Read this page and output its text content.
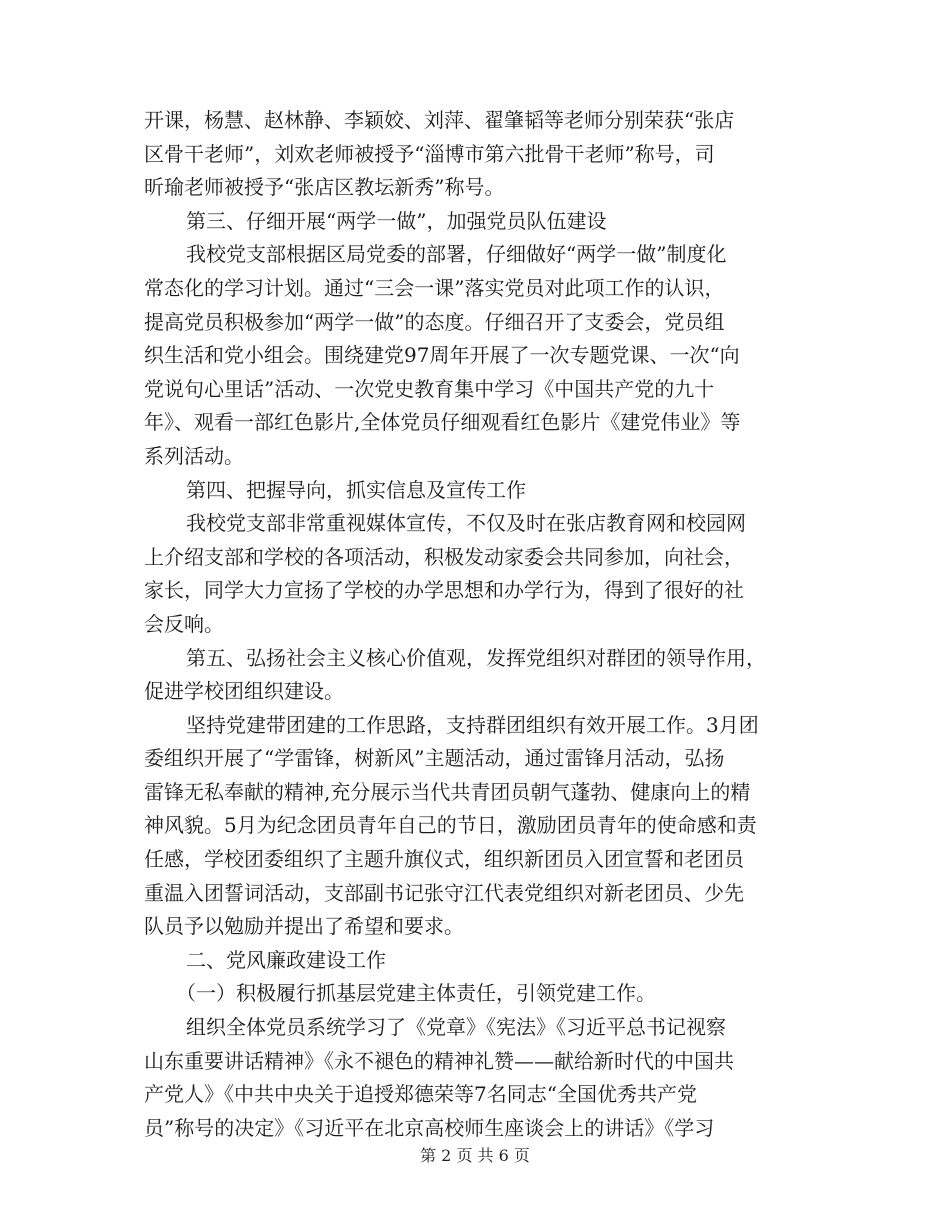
开课，杨慧、赵林静、李颖姣、刘萍、翟肇韬等老师分别荣获“张店
区骨干老师”，刘欢老师被授予“淄博市第六批骨干老师”称号，司
昕瑜老师被授予“张店区教坛新秀”称号。
第三、仔细开展“两学一做”，加强党员队伍建设
我校党支部根据区局党委的部署，仔细做好“两学一做”制度化
常态化的学习计划。通过“三会一课”落实党员对此项工作的认识，
提高党员积极参加“两学一做”的态度。仔细召开了支委会，党员组
织生活和党小组会。围绕建党97周年开展了一次专题党课、一次“向
党说句心里话”活动、一次党史教育集中学习《中国共产党的九十
年》、观看一部红色影片,全体党员仔细观看红色影片《建党伟业》等
系列活动。
第四、把握导向，抓实信息及宣传工作
我校党支部非常重视媒体宣传，不仅及时在张店教育网和校园网
上介绍支部和学校的各项活动，积极发动家委会共同参加，向社会，
家长，同学大力宣扬了学校的办学思想和办学行为，得到了很好的社
会反响。
第五、弘扬社会主义核心价值观，发挥党组织对群团的领导作用，
促进学校团组织建设。
坚持党建带团建的工作思路，支持群团组织有效开展工作。3月团
委组织开展了“学雷锋，树新风”主题活动，通过雷锋月活动，弘扬
雷锋无私奉献的精神,充分展示当代共青团员朝气蓬勃、健康向上的精
神风貌。5月为纪念团员青年自己的节日，激励团员青年的使命感和责
任感，学校团委组织了主题升旗仪式，组织新团员入团宣誓和老团员
重温入团誓词活动，支部副书记张守江代表党组织对新老团员、少先
队员予以勉励并提出了希望和要求。
二、党风廉政建设工作
（一）积极履行抓基层党建主体责任，引领党建工作。
组织全体党员系统学习了《党章》《宪法》《习近平总书记视察
山东重要讲话精神》《永不褪色的精神礼赞——献给新时代的中国共
产党人》《中共中央关于追授郑德荣等7名同志“全国优秀共产党
员”称号的决定》《习近平在北京高校师生座谈会上的讲话》《学习
第 2 页 共 6 页
